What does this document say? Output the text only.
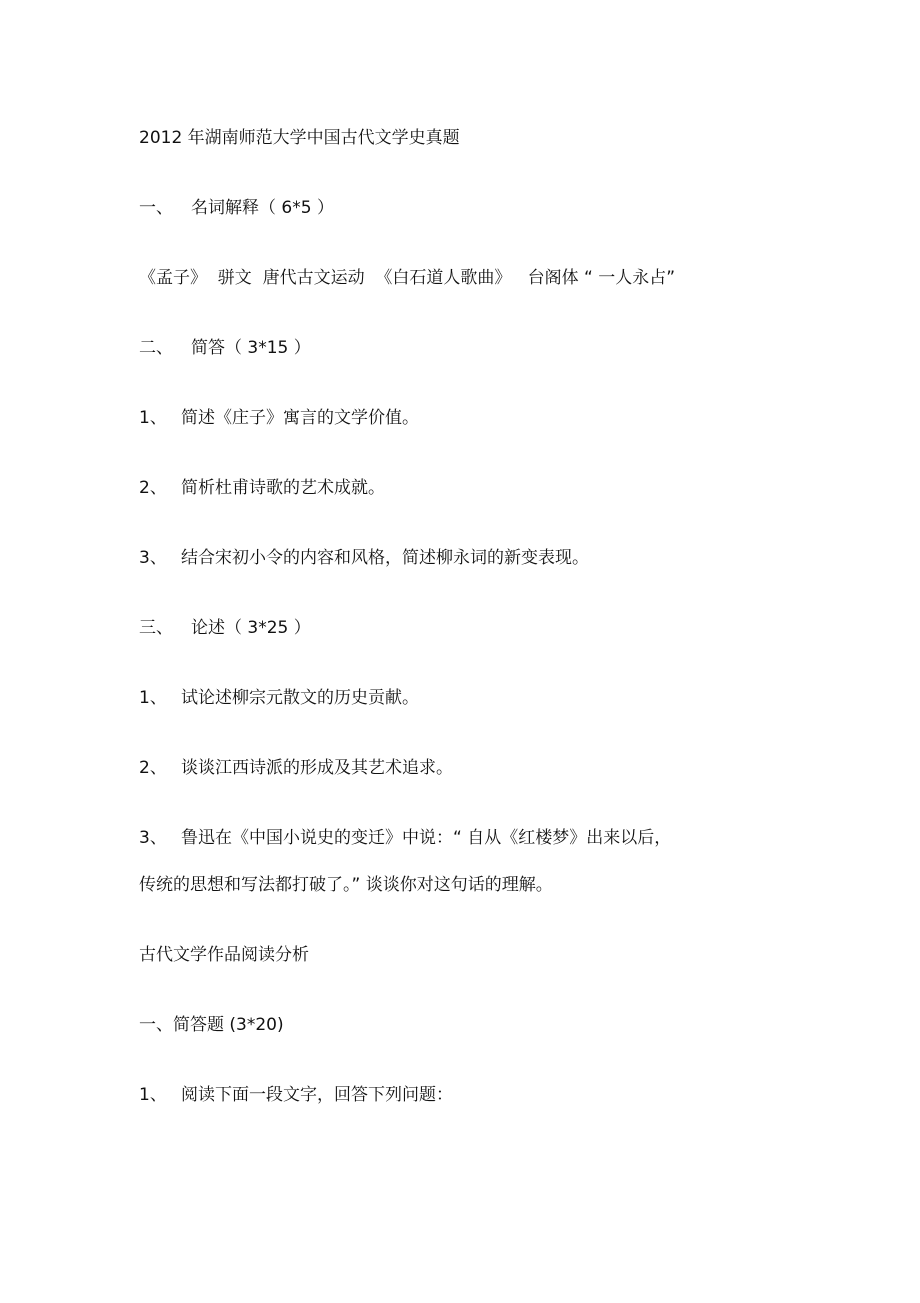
2012 年湖南师范大学中国古代文学史真题

一、 名词解释（ 6*5 ）

《孟子》  骈文  唐代古文运动  《白石道人歌曲》   台阁体 “ 一人永占”

二、 简答（ 3*15 ）

1、 简述《庄子》寓言的文学价值。

2、 简析杜甫诗歌的艺术成就。

3、 结合宋初小令的内容和风格，简述柳永词的新变表现。

三、 论述（ 3*25 ）

1、 试论述柳宗元散文的历史贡献。

2、 谈谈江西诗派的形成及其艺术追求。

3、 鲁迅在《中国小说史的变迁》中说：“ 自从《红楼梦》出来以后，

传统的思想和写法都打破了。” 谈谈你对这句话的理解。

古代文学作品阅读分析

一、简答题 (3*20)

1、 阅读下面一段文字，回答下列问题：
